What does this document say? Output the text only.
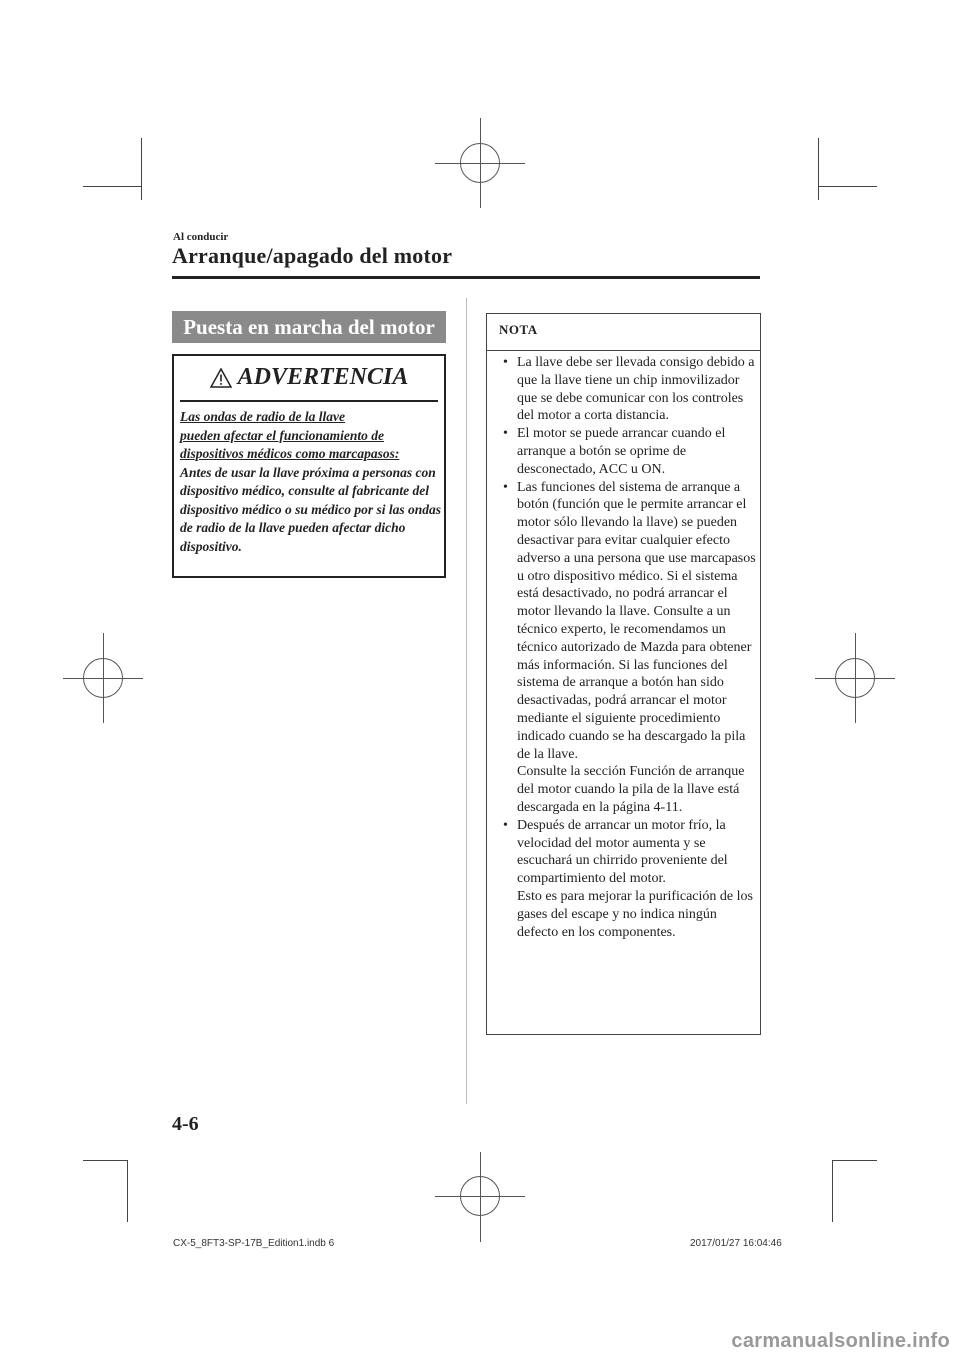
Al conducir
Arranque/apagado del motor
Puesta en marcha del motor
ADVERTENCIA
Las ondas de radio de la llave
pueden afectar el funcionamiento de
dispositivos médicos como marcapasos:
Antes de usar la llave próxima a personas con dispositivo médico, consulte al fabricante del dispositivo médico o su médico por si las ondas de radio de la llave pueden afectar dicho dispositivo.
NOTA
• La llave debe ser llevada consigo debido a que la llave tiene un chip inmovilizador que se debe comunicar con los controles del motor a corta distancia.
• El motor se puede arrancar cuando el arranque a botón se oprime de desconectado, ACC u ON.
• Las funciones del sistema de arranque a botón (función que le permite arrancar el motor sólo llevando la llave) se pueden desactivar para evitar cualquier efecto adverso a una persona que use marcapasos u otro dispositivo médico. Si el sistema está desactivado, no podrá arrancar el motor llevando la llave. Consulte a un técnico experto, le recomendamos un técnico autorizado de Mazda para obtener más información. Si las funciones del sistema de arranque a botón han sido desactivadas, podrá arrancar el motor mediante el siguiente procedimiento indicado cuando se ha descargado la pila de la llave.
Consulte la sección Función de arranque del motor cuando la pila de la llave está descargada en la página 4-11.
• Después de arrancar un motor frío, la velocidad del motor aumenta y se escuchará un chirrido proveniente del compartimiento del motor.
Esto es para mejorar la purificación de los gases del escape y no indica ningún defecto en los componentes.
4-6
CX-5_8FT3-SP-17B_Edition1.indb 6	2017/01/27 16:04:46
carmanualsonline.info
